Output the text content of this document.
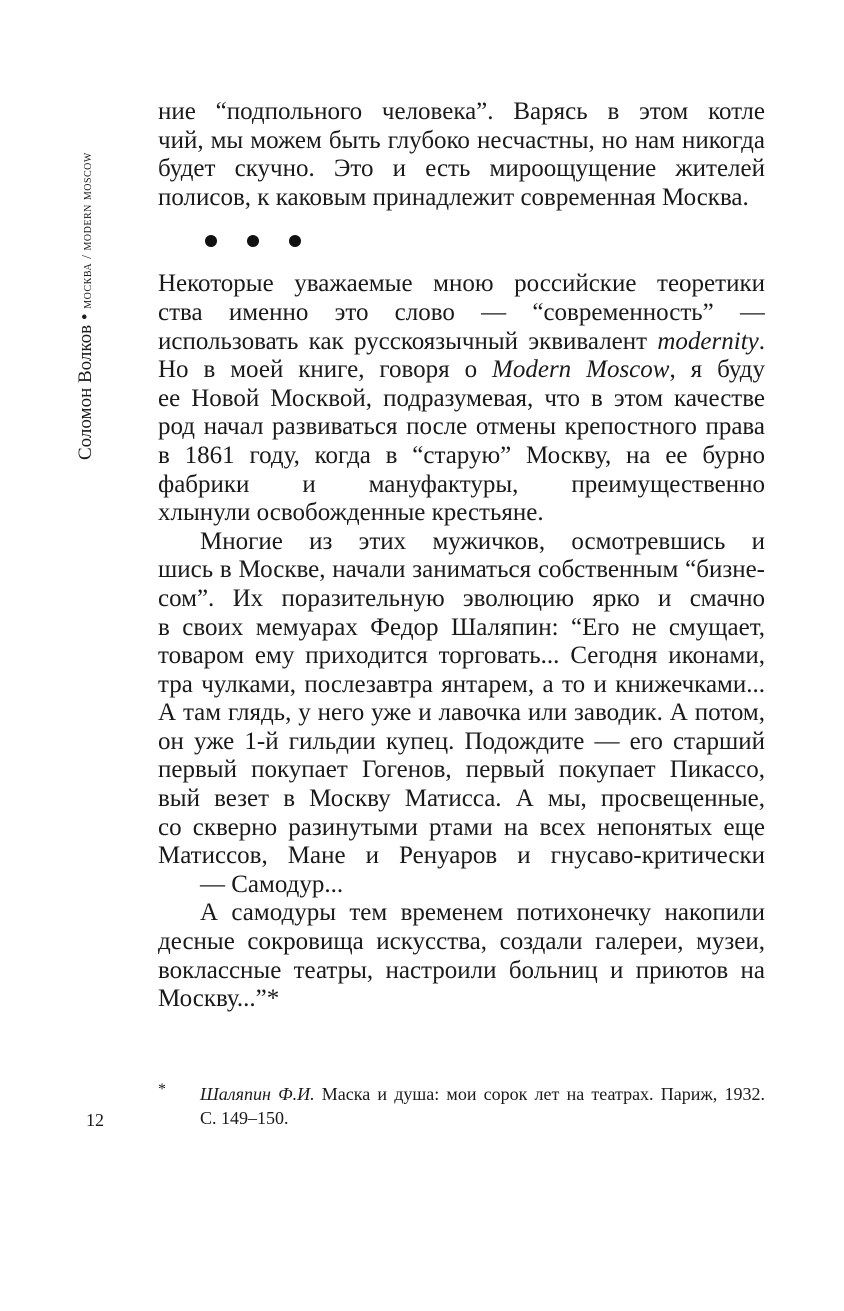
Соломон Волков • москва / modern moscow
ние “подпольного человека”. Варясь в этом котле
чий, мы можем быть глубоко несчастны, но нам никогда
будет скучно. Это и есть мироощущение жителей
полисов, к каковым принадлежит современная Москва.
Некоторые уважаемые мною российские теоретики
ства именно это слово — “современность” —
использовать как русскоязычный эквивалент modernity.
Но в моей книге, говоря о Modern Moscow, я буду
ее Новой Москвой, подразумевая, что в этом качестве
род начал развиваться после отмены крепостного права
в 1861 году, когда в “старую” Москву, на ее бурно
фабрики и мануфактуры, преимущественно
хлынули освобожденные крестьяне.
Многие из этих мужичков, осмотревшись и
шись в Москве, начали заниматься собственным “бизне-
сом”. Их поразительную эволюцию ярко и смачно
в своих мемуарах Федор Шаляпин: “Его не смущает,
товаром ему приходится торговать... Сегодня иконами,
тра чулками, послезавтра янтарем, а то и книжечками...
А там глядь, у него уже и лавочка или заводик. А потом,
он уже 1-й гильдии купец. Подождите — его старший
первый покупает Гогенов, первый покупает Пикассо,
вый везет в Москву Матисса. А мы, просвещенные,
со скверно разинутыми ртами на всех непонятых еще
Матиссов, Мане и Ренуаров и гнусаво-критически
— Самодур...
А самодуры тем временем потихонечку накопили
десные сокровища искусства, создали галереи, музеи,
воклассные театры, настроили больниц и приютов на
Москву...”*
* Шаляпин Ф.И. Маска и душа: мои сорок лет на театрах. Париж, 1932.
С. 149–150.
12
